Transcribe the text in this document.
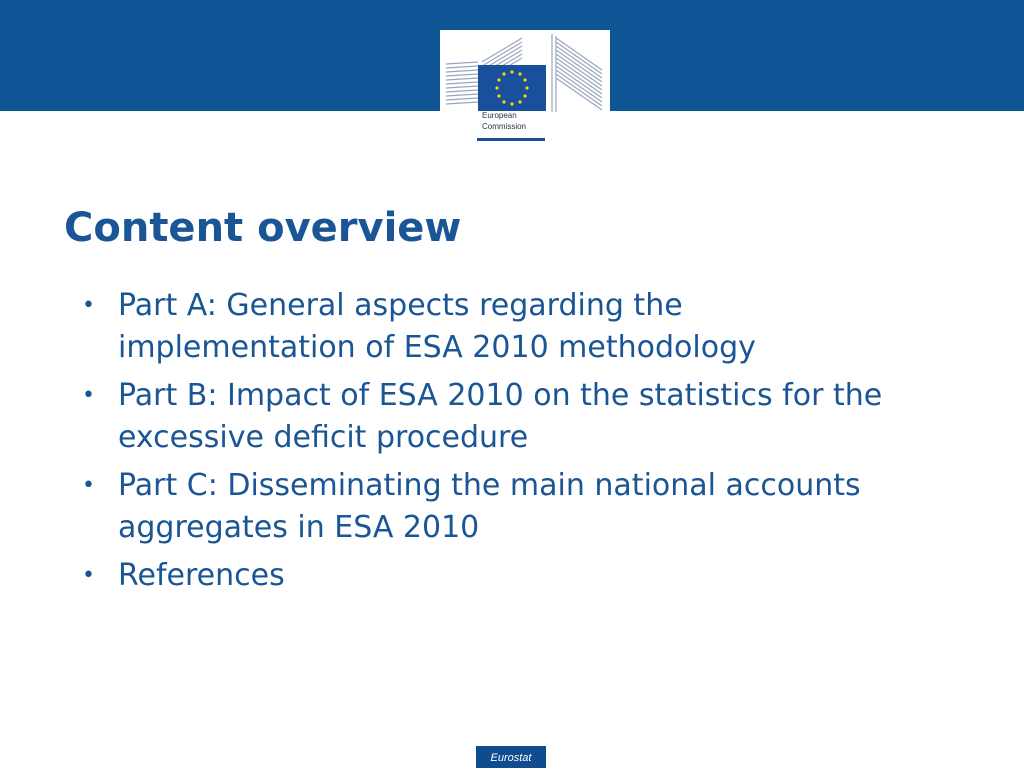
European
Commission
Content overview
• Part A: General aspects regarding the implementation of ESA 2010 methodology
• Part B: Impact of ESA 2010 on the statistics for the excessive deficit procedure
• Part C: Disseminating the main national accounts aggregates in ESA 2010
• References
Eurostat
